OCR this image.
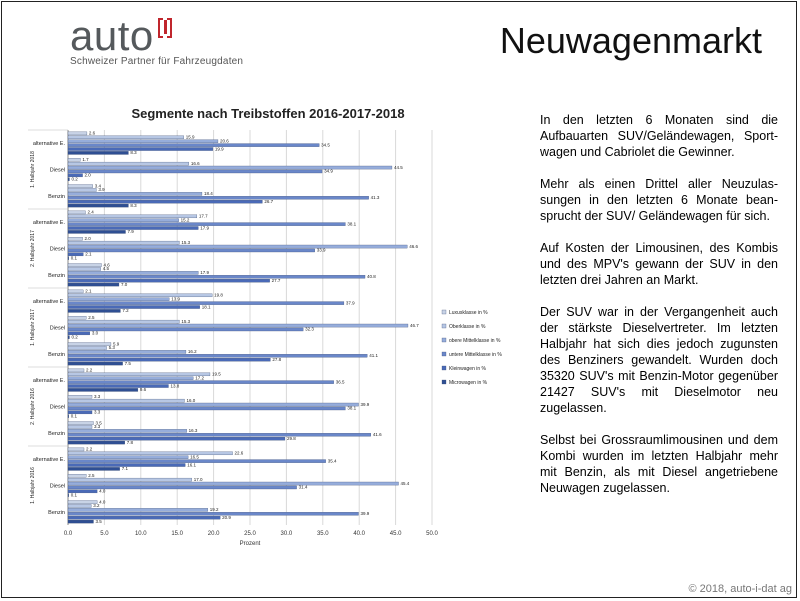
auto
Schweizer Partner für Fahrzeugdaten
Neuwagenmarkt
Segmente nach Treibstoffen 2016-2017-2018
0.0	5.0	10.0	15.0	20.0	25.0	30.0	35.0	40.0	45.0	50.0
Prozent
Benzin
4.0
3.2
19.2
39.9
20.9
3.5
Diesel
2.5
17.0
45.4
31.4
4.0
0.1
alternative E.
2.2
22.6
16.5
35.4
16.1
7.1
Benzin
3.5
3.3
16.3
41.6
29.8
7.8
Diesel
3.3
16.0
39.9
38.1
3.3
0.1
alternative E.
2.2
19.5
17.2
36.5
13.8
9.6
Benzin
5.9
5.3
16.2
41.1
27.8
7.5
Diesel
2.5
15.3
46.7
32.3
3.0
0.2
alternative E.
2.1
19.8
13.9
37.9
18.1
7.2
Benzin
4.6
4.5
17.9
40.8
27.7
7.0
Diesel
2.0
15.3
46.6
33.9
2.1
0.1
alternative E.
2.4
17.7
15.2
38.1
17.9
7.9
Benzin
3.4
3.9
18.4
41.3
26.7
8.3
Diesel
1.7
16.6
44.5
34.9
2.0
0.2
alternative E.
2.6
15.9
20.6
34.5
19.9
8.3
1. Halbjahr 2016
2. Halbjahr 2016
1. Halbjahr 2017
2. Halbjahr 2017
1. Halbjahr 2018
Luxusklasse in %
Oberklasse in %
obere Mittelklasse in %
untere Mittelklasse in %
Kleinwagen in %
Microwagen in %

In den letzten 6 Monaten sind die Aufbauarten SUV/Geländewagen, Sport-wagen und Cabriolet die Gewinner.

Mehr als einen Drittel aller Neuzulas-sungen in den letzten 6 Monate bean-sprucht der SUV/ Geländewagen für sich.

Auf Kosten der Limousinen, des Kombis und des MPV's gewann der SUV in den letzten drei Jahren an Markt.

Der SUV war in der Vergangenheit auch der stärkste Dieselvertreter. Im letzten Halbjahr hat sich dies jedoch zugunsten des Benziners gewandelt. Wurden doch 35320 SUV's mit Benzin-Motor gegenüber 21427 SUV's mit Dieselmotor neu zugelassen.

Selbst bei Grossraumlimousinen und dem Kombi wurden im letzten Halbjahr mehr mit Benzin, als mit Diesel angetriebene Neuwagen zugelassen.

© 2018, auto-i-dat ag
